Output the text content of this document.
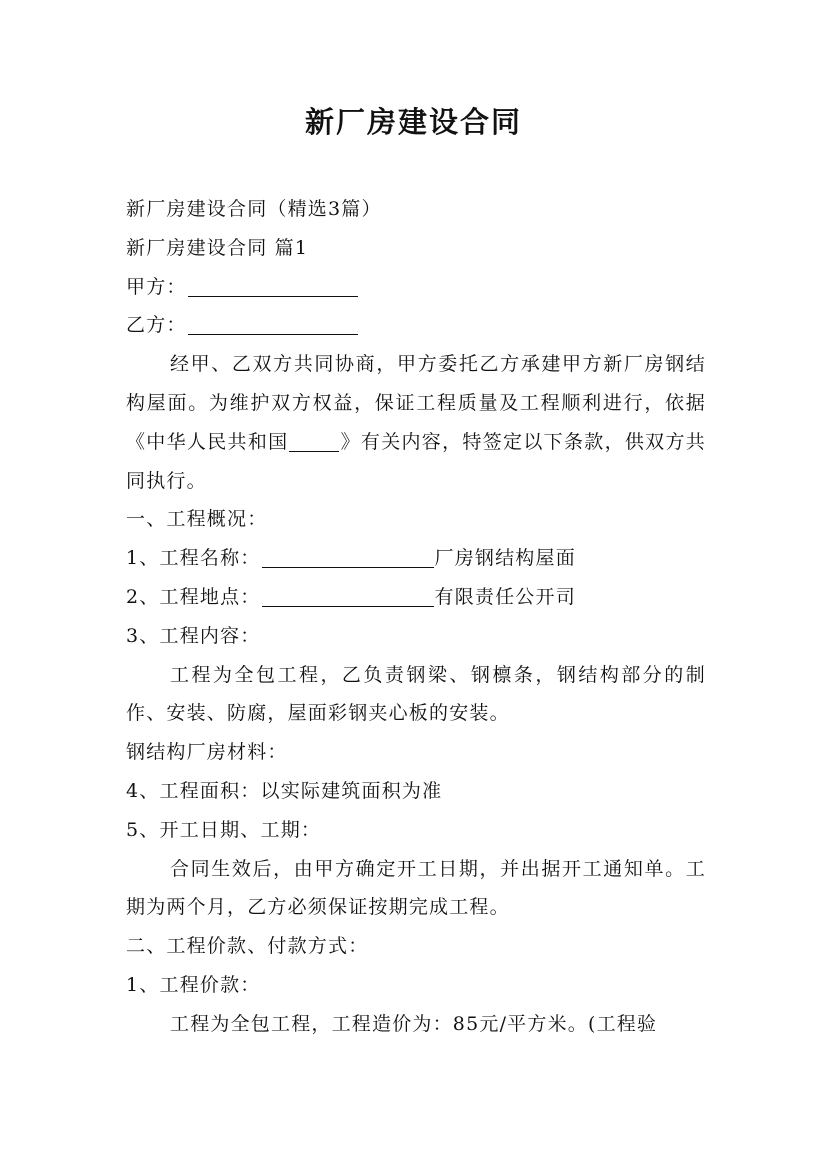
新厂房建设合同

新厂房建设合同（精选3篇）

新厂房建设合同 篇1

甲方：

乙方：

经甲、乙双方共同协商，甲方委托乙方承建甲方新厂房钢结构屋面。为维护双方权益，保证工程质量及工程顺利进行，依据《中华人民共和国	》有关内容，特签定以下条款，供双方共同执行。

一、工程概况：

1、工程名称：	厂房钢结构屋面

2、工程地点：	有限责任公开司

3、工程内容：

工程为全包工程，乙负责钢梁、钢檩条，钢结构部分的制作、安装、防腐，屋面彩钢夹心板的安装。

钢结构厂房材料：

4、工程面积：以实际建筑面积为准

5、开工日期、工期：

合同生效后，由甲方确定开工日期，并出据开工通知单。工期为两个月，乙方必须保证按期完成工程。

二、工程价款、付款方式：

1、工程价款：

工程为全包工程，工程造价为：85元/平方米。(工程验
